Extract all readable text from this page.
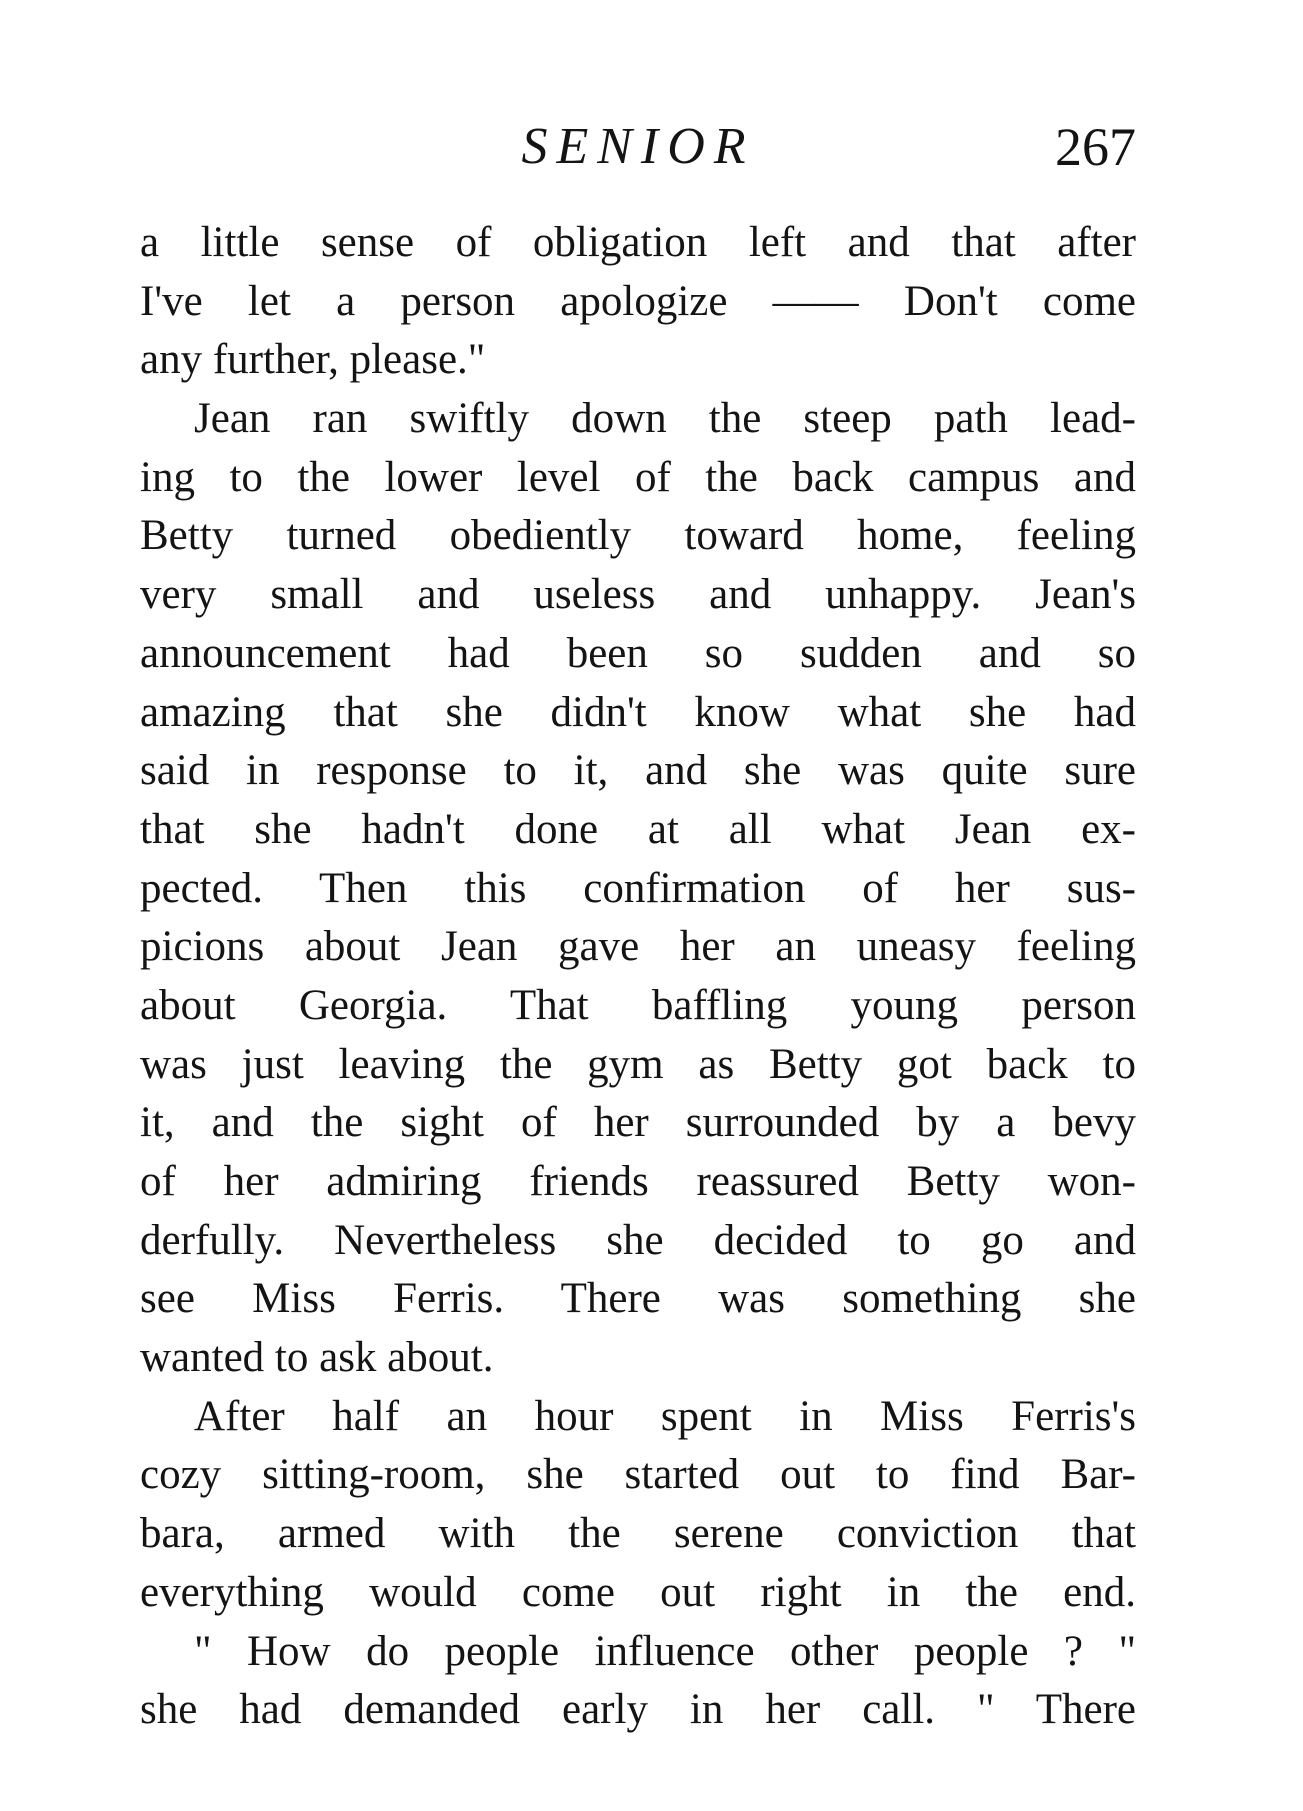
SENIOR	267
a little sense of obligation left and that after
I've let a person apologize —— Don't come
any further, please."
Jean ran swiftly down the steep path lead-
ing to the lower level of the back campus and
Betty turned obediently toward home, feeling
very small and useless and unhappy. Jean's
announcement had been so sudden and so
amazing that she didn't know what she had
said in response to it, and she was quite sure
that she hadn't done at all what Jean ex-
pected. Then this confirmation of her sus-
picions about Jean gave her an uneasy feeling
about Georgia. That baffling young person
was just leaving the gym as Betty got back to
it, and the sight of her surrounded by a bevy
of her admiring friends reassured Betty won-
derfully. Nevertheless she decided to go and
see Miss Ferris. There was something she
wanted to ask about.
After half an hour spent in Miss Ferris's
cozy sitting-room, she started out to find Bar-
bara, armed with the serene conviction that
everything would come out right in the end.
" How do people influence other people ? "
she had demanded early in her call. " There
